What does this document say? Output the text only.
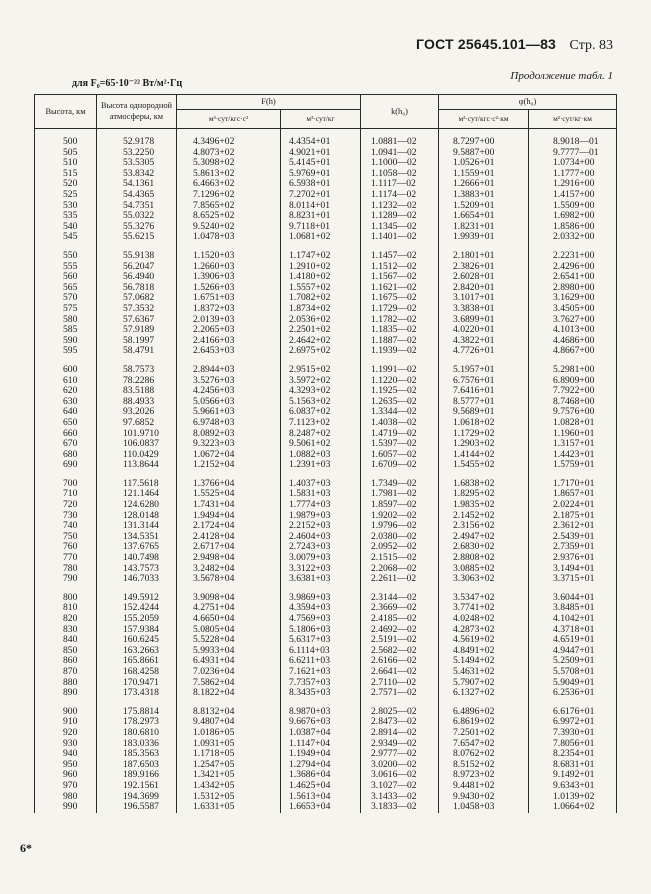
ГОСТ 25645.101—83 Стр. 83
для F₀=65·10⁻²² Вт/м²·Гц
Продолжение табл. 1
Высота, км	Высота однородной атмосферы, км	F(h)		k(h₀)	φ(h₀)	
		м³·сут/кгс·с²	м³·сут/кг		м²·сут/кгс·с²·км	м²·сут/кг·км
500	52.9178	4.3496+02	4.4354+01	1.0881—02	8.7297+00	8.9018—01
505	53.2250	4.8073+02	4.9021+01	1.0941—02	9.5887+00	9.7777—01
510	53.5305	5.3098+02	5.4145+01	1.1000—02	1.0526+01	1.0734+00
515	53.8342	5.8613+02	5.9769+01	1.1058—02	1.1559+01	1.1777+00
520	54.1361	6.4663+02	6.5938+01	1.1117—02	1.2666+01	1.2916+00
525	54.4365	7.1296+02	7.2702+01	1.1174—02	1.3883+01	1.4157+00
530	54.7351	7.8565+02	8.0114+01	1.1232—02	1.5209+01	1.5509+00
535	55.0322	8.6525+02	8.8231+01	1.1289—02	1.6654+01	1.6982+00
540	55.3276	9.5240+02	9.7118+01	1.1345—02	1.8231+01	1.8586+00
545	55.6215	1.0478+03	1.0681+02	1.1401—02	1.9939+01	2.0332+00
550	55.9138	1.1520+03	1.1747+02	1.1457—02	2.1801+01	2.2231+00
555	56.2047	1.2660+03	1.2910+02	1.1512—02	2.3826+01	2.4296+00
560	56.4940	1.3906+03	1.4180+02	1.1567—02	2.6028+01	2.6541+00
565	56.7818	1.5266+03	1.5557+02	1.1621—02	2.8420+01	2.8980+00
570	57.0682	1.6751+03	1.7082+02	1.1675—02	3.1017+01	3.1629+00
575	57.3532	1.8372+03	1.8734+02	1.1729—02	3.3838+01	3.4505+00
580	57.6367	2.0139+03	2.0536+02	1.1782—02	3.6899+01	3.7627+00
585	57.9189	2.2065+03	2.2501+02	1.1835—02	4.0220+01	4.1013+00
590	58.1997	2.4166+03	2.4642+02	1.1887—02	4.3822+01	4.4686+00
595	58.4791	2.6453+03	2.6975+02	1.1939—02	4.7726+01	4.8667+00
600	58.7573	2.8944+03	2.9515+02	1.1991—02	5.1957+01	5.2981+00
610	78.2286	3.5276+03	3.5972+02	1.1220—02	6.7576+01	6.8909+00
620	83.5188	4.2456+03	4.3293+02	1.1925—02	7.6416+01	7.7922+00
630	88.4933	5.0566+03	5.1563+02	1.2635—02	8.5777+01	8.7468+00
640	93.2026	5.9661+03	6.0837+02	1.3344—02	9.5689+01	9.7576+00
650	97.6852	6.9748+03	7.1123+02	1.4038—02	1.0618+02	1.0828+01
660	101.9710	8.0892+03	8.2487+02	1.4719—02	1.1729+02	1.1960+01
670	106.0837	9.3223+03	9.5061+02	1.5397—02	1.2903+02	1.3157+01
680	110.0429	1.0672+04	1.0882+03	1.6057—02	1.4144+02	1.4423+01
690	113.8644	1.2152+04	1.2391+03	1.6709—02	1.5455+02	1.5759+01
700	117.5618	1.3766+04	1.4037+03	1.7349—02	1.6838+02	1.7170+01
710	121.1464	1.5525+04	1.5831+03	1.7981—02	1.8295+02	1.8657+01
720	124.6280	1.7431+04	1.7774+03	1.8597—02	1.9835+02	2.0224+01
730	128.0148	1.9494+04	1.9879+03	1.9202—02	2.1452+02	2.1875+01
740	131.3144	2.1724+04	2.2152+03	1.9796—02	2.3156+02	2.3612+01
750	134.5351	2.4128+04	2.4604+03	2.0380—02	2.4947+02	2.5439+01
760	137.6765	2.6717+04	2.7243+03	2.0952—02	2.6830+02	2.7359+01
770	140.7498	2.9498+04	3.0079+03	2.1515—02	2.8808+02	2.9376+01
780	143.7573	3.2482+04	3.3122+03	2.2068—02	3.0885+02	3.1494+01
790	146.7033	3.5678+04	3.6381+03	2.2611—02	3.3063+02	3.3715+01
800	149.5912	3.9098+04	3.9869+03	2.3144—02	3.5347+02	3.6044+01
810	152.4244	4.2751+04	4.3594+03	2.3669—02	3.7741+02	3.8485+01
820	155.2059	4.6650+04	4.7569+03	2.4185—02	4.0248+02	4.1042+01
830	157.9384	5.0805+04	5.1806+03	2.4692—02	4.2873+02	4.3718+01
840	160.6245	5.5228+04	5.6317+03	2.5191—02	4.5619+02	4.6519+01
850	163.2663	5.9933+04	6.1114+03	2.5682—02	4.8491+02	4.9447+01
860	165.8661	6.4931+04	6.6211+03	2.6166—02	5.1494+02	5.2509+01
870	168.4258	7.0236+04	7.1621+03	2.6641—02	5.4631+02	5.5708+01
880	170.9471	7.5862+04	7.7357+03	2.7110—02	5.7907+02	5.9049+01
890	173.4318	8.1822+04	8.3435+03	2.7571—02	6.1327+02	6.2536+01
900	175.8814	8.8132+04	8.9870+03	2.8025—02	6.4896+02	6.6176+01
910	178.2973	9.4807+04	9.6676+03	2.8473—02	6.8619+02	6.9972+01
920	180.6810	1.0186+05	1.0387+04	2.8914—02	7.2501+02	7.3930+01
930	183.0336	1.0931+05	1.1147+04	2.9349—02	7.6547+02	7.8056+01
940	185.3563	1.1718+05	1.1949+04	2.9777—02	8.0762+02	8.2354+01
950	187.6503	1.2547+05	1.2794+04	3.0200—02	8.5152+02	8.6831+01
960	189.9166	1.3421+05	1.3686+04	3.0616—02	8.9723+02	9.1492+01
970	192.1561	1.4342+05	1.4625+04	3.1027—02	9.4481+02	9.6343+01
980	194.3699	1.5312+05	1.5613+04	3.1433—02	9.9430+02	1.0139+02
990	196.5587	1.6331+05	1.6653+04	3.1833—02	1.0458+03	1.0664+02
6*
